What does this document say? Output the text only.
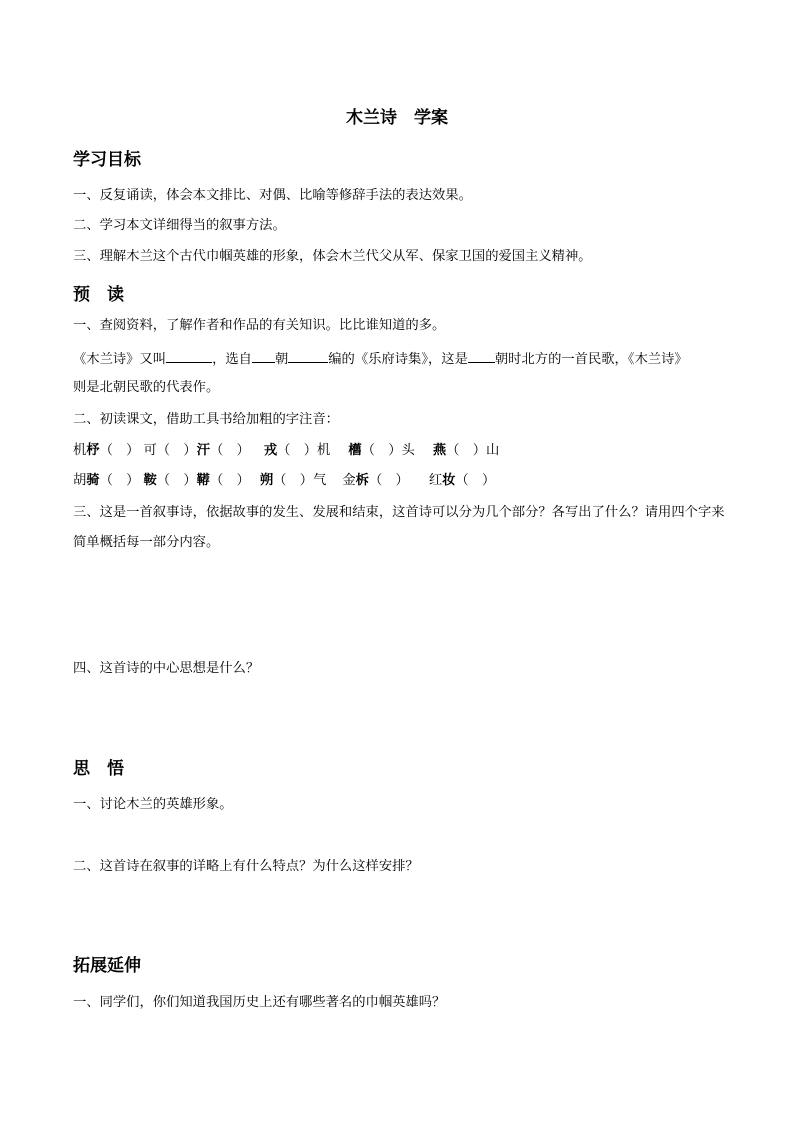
木兰诗　学案
学习目标
一、反复诵读，体会本文排比、对偶、比喻等修辞手法的表达效果。
二、学习本文详细得当的叙事方法。
三、理解木兰这个古代巾帼英雄的形象，体会木兰代父从军、保家卫国的爱国主义精神。
预　读
一、查阅资料，了解作者和作品的有关知识。比比谁知道的多。
《木兰诗》又叫	，选自 朝	编的《乐府诗集》，这是 朝时北方的一首民歌，《木兰诗》
则是北朝民歌的代表作。
二、初读课文，借助工具书给加粗的字注音：
机杼（　） 可（　）汗（　） 戎（　）机 欍（　）头 燕（　）山
胡骑（　） 鞍（　）鞯（　） 朔（　）气 金柝（　） 红妆（　）
三、这是一首叙事诗，依据故事的发生、发展和结束，这首诗可以分为几个部分？各写出了什么？请用四个字来简单概括每一部分内容。
四、这首诗的中心思想是什么？
思　悟
一、讨论木兰的英雄形象。
二、这首诗在叙事的详略上有什么特点？为什么这样安排？
拓展延伸
一、同学们，你们知道我国历史上还有哪些著名的巾帼英雄吗？
